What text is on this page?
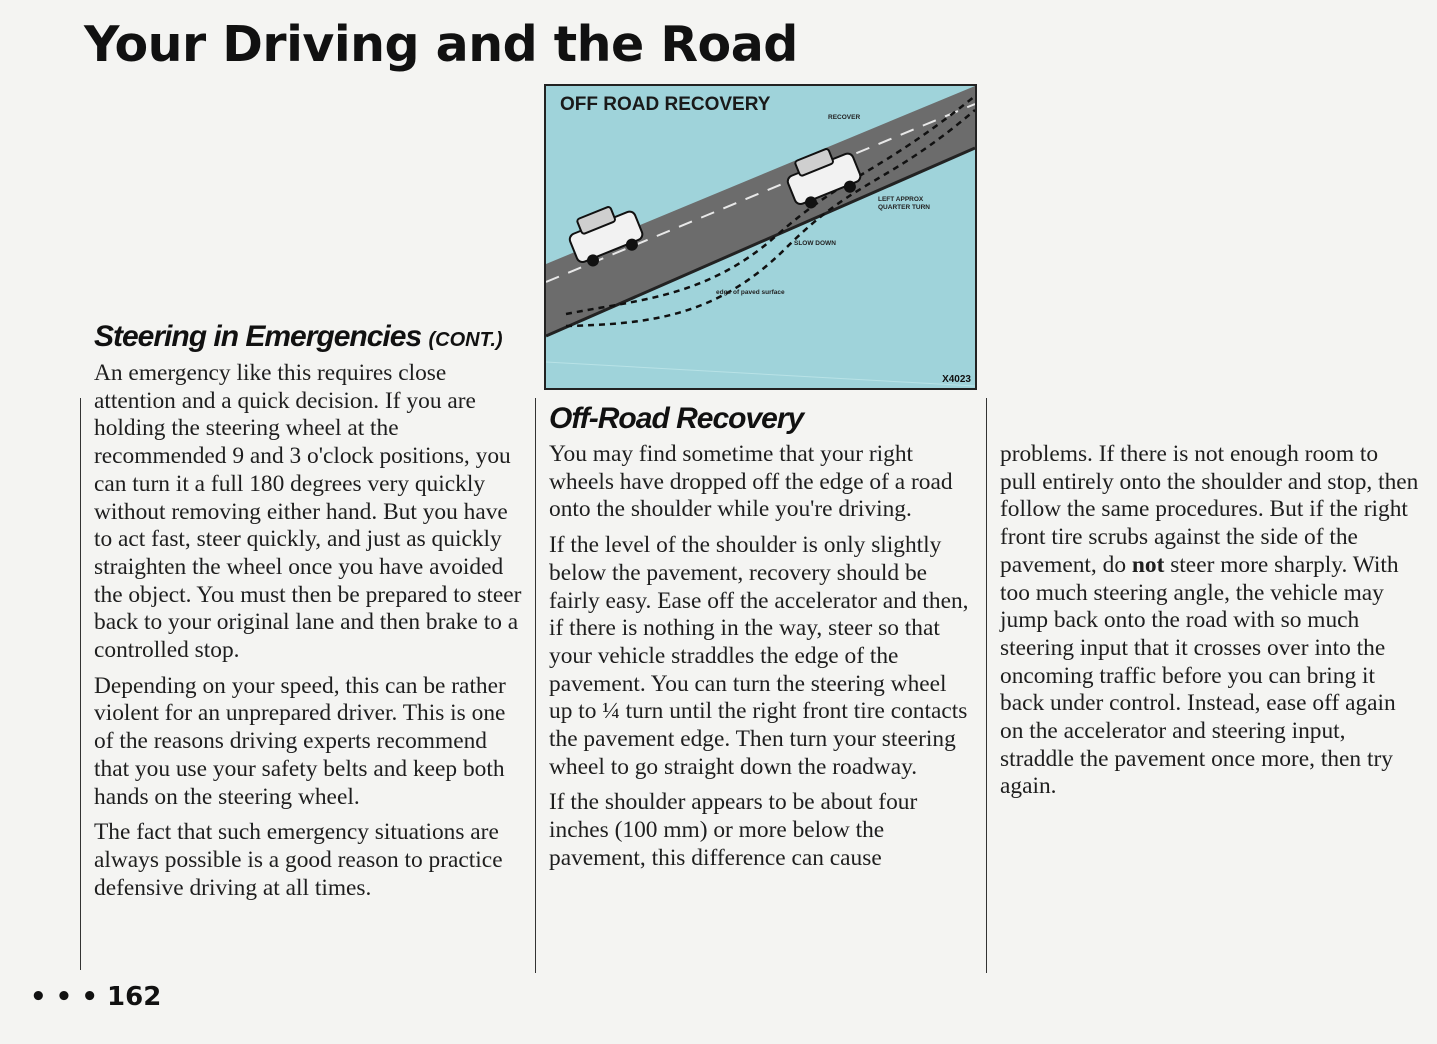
Your Driving and the Road
OFF ROAD RECOVERY
RECOVER
LEFT APPROX
QUARTER TURN
SLOW DOWN
edge of paved surface
X4023
Steering in Emergencies (CONT.)

An emergency like this requires close attention and a quick decision. If you are holding the steering wheel at the recommended 9 and 3 o'clock positions, you can turn it a full 180 degrees very quickly without removing either hand. But you have to act fast, steer quickly, and just as quickly straighten the wheel once you have avoided the object. You must then be prepared to steer back to your original lane and then brake to a controlled stop.

Depending on your speed, this can be rather violent for an unprepared driver. This is one of the reasons driving experts recommend that you use your safety belts and keep both hands on the steering wheel.

The fact that such emergency situations are always possible is a good reason to practice defensive driving at all times.

Off-Road Recovery

You may find sometime that your right wheels have dropped off the edge of a road onto the shoulder while you're driving.

If the level of the shoulder is only slightly below the pavement, recovery should be fairly easy. Ease off the accelerator and then, if there is nothing in the way, steer so that your vehicle straddles the edge of the pavement. You can turn the steering wheel up to ¼ turn until the right front tire contacts the pavement edge. Then turn your steering wheel to go straight down the roadway.

If the shoulder appears to be about four inches (100 mm) or more below the pavement, this difference can cause

problems. If there is not enough room to pull entirely onto the shoulder and stop, then follow the same procedures. But if the right front tire scrubs against the side of the pavement, do not steer more sharply. With too much steering angle, the vehicle may jump back onto the road with so much steering input that it crosses over into the oncoming traffic before you can bring it back under control. Instead, ease off again on the accelerator and steering input, straddle the pavement once more, then try again.

• • • 162
